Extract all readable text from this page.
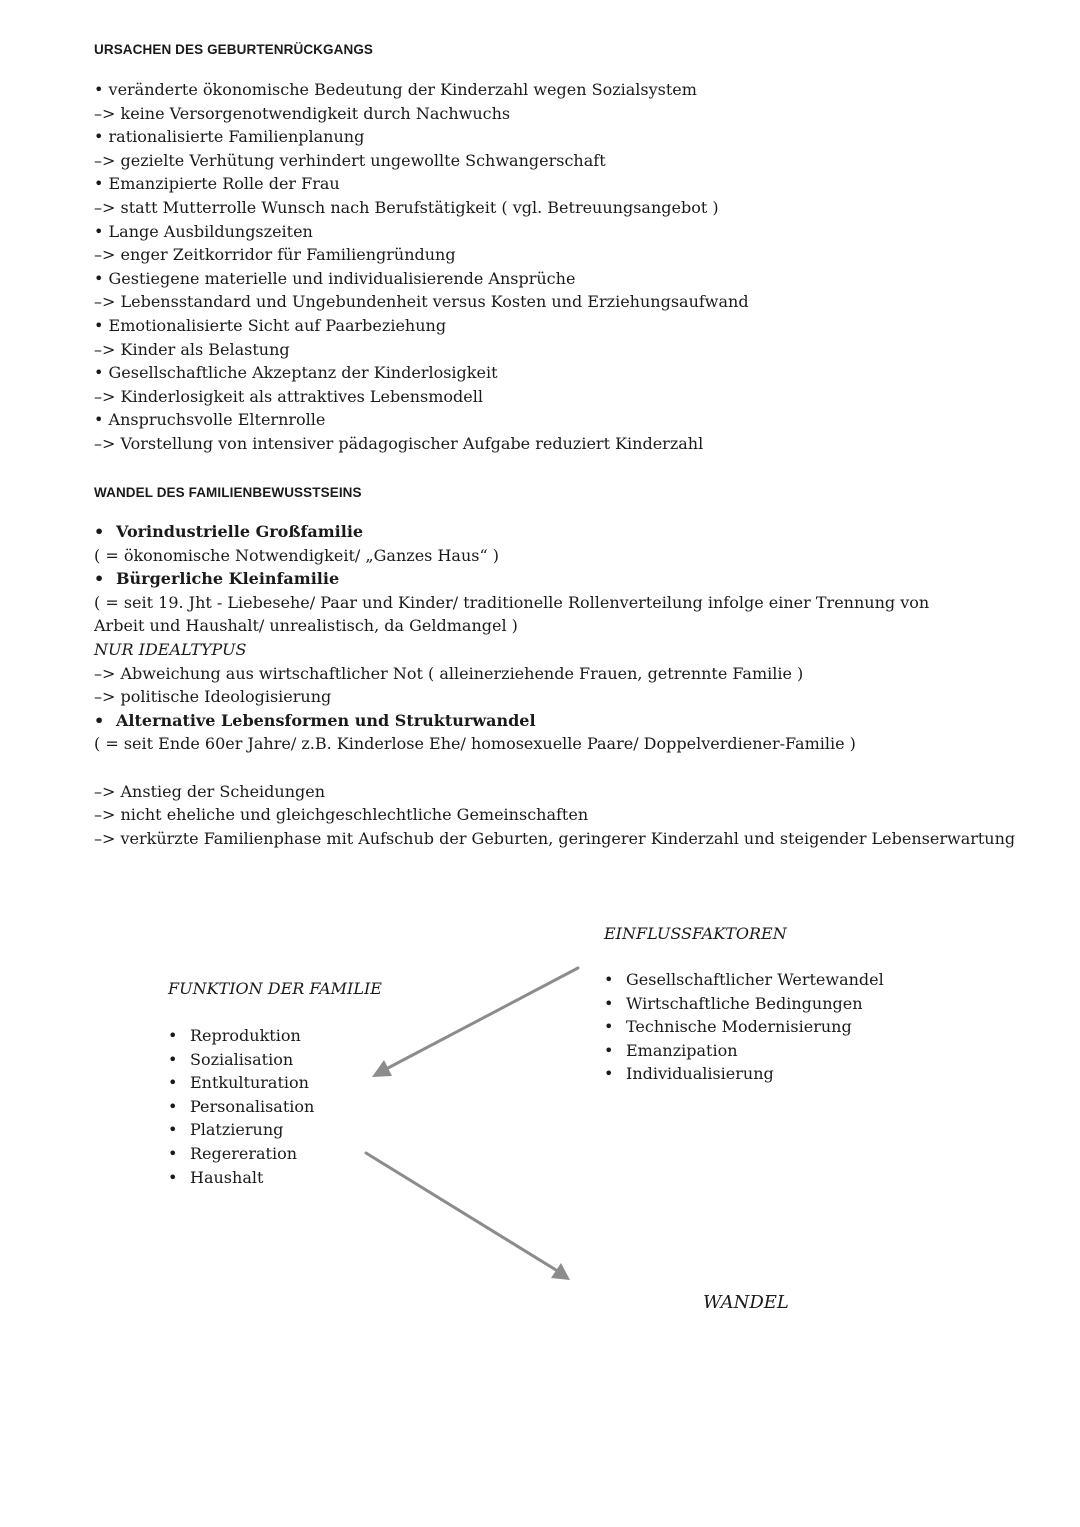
URSACHEN DES GEBURTENRÜCKGANGS
• veränderte ökonomische Bedeutung der Kinderzahl wegen Sozialsystem
–> keine Versorgenotwendigkeit durch Nachwuchs
• rationalisierte Familienplanung
–> gezielte Verhütung verhindert ungewollte Schwangerschaft
• Emanzipierte Rolle der Frau
–> statt Mutterrolle Wunsch nach Berufstätigkeit ( vgl. Betreuungsangebot )
• Lange Ausbildungszeiten
–> enger Zeitkorridor für Familiengründung
• Gestiegene materielle und individualisierende Ansprüche
–> Lebensstandard und Ungebundenheit versus Kosten und Erziehungsaufwand
• Emotionalisierte Sicht auf Paarbeziehung
–> Kinder als Belastung
• Gesellschaftliche Akzeptanz der Kinderlosigkeit
–> Kinderlosigkeit als attraktives Lebensmodell
• Anspruchsvolle Elternrolle
–> Vorstellung von intensiver pädagogischer Aufgabe reduziert Kinderzahl
WANDEL DES FAMILIENBEWUSSTSEINS
• Vorindustrielle Großfamilie
( = ökonomische Notwendigkeit/ „Ganzes Haus“ )
• Bürgerliche Kleinfamilie
( = seit 19. Jht - Liebesehe/ Paar und Kinder/ traditionelle Rollenverteilung infolge einer Trennung von Arbeit und Haushalt/ unrealistisch, da Geldmangel )
NUR IDEALTYPUS
–> Abweichung aus wirtschaftlicher Not ( alleinerziehende Frauen, getrennte Familie )
–> politische Ideologisierung
• Alternative Lebensformen und Strukturwandel
( = seit Ende 60er Jahre/ z.B. Kinderlose Ehe/ homosexuelle Paare/ Doppelverdiener-Familie )
–> Anstieg der Scheidungen
–> nicht eheliche und gleichgeschlechtliche Gemeinschaften
–> verkürzte Familienphase mit Aufschub der Geburten, geringerer Kinderzahl und steigender Lebenserwartung
EINFLUSSFAKTOREN
• Gesellschaftlicher Wertewandel
• Wirtschaftliche Bedingungen
• Technische Modernisierung
• Emanzipation
• Individualisierung
FUNKTION DER FAMILIE
• Reproduktion
• Sozialisation
• Entkulturation
• Personalisation
• Platzierung
• Regereration
• Haushalt
WANDEL
